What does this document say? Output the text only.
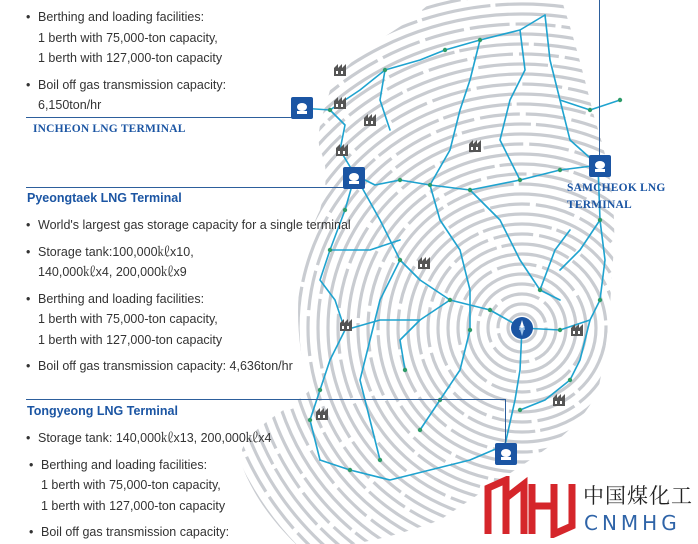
• Berthing and loading facilities:
1 berth with 75,000-ton capacity,
1 berth with 127,000-ton capacity
• Boil off gas transmission capacity:
6,150ton/hr
INCHEON LNG TERMINAL
Pyeongtaek LNG Terminal
• World's largest gas storage capacity for a single terminal
• Storage tank:100,000㎘x10,
140,000㎘x4, 200,000㎘x9
• Berthing and loading facilities:
1 berth with 75,000-ton capacity,
1 berth with 127,000-ton capacity
• Boil off gas transmission capacity: 4,636ton/hr
Tongyeong LNG Terminal
• Storage tank: 140,000㎘x13, 200,000㎘x4
• Berthing and loading facilities:
1 berth with 75,000-ton capacity,
1 berth with 127,000-ton capacity
• Boil off gas transmission capacity:
SAMCHEOK LNG
TERMINAL
中国煤化工
CNMHG
